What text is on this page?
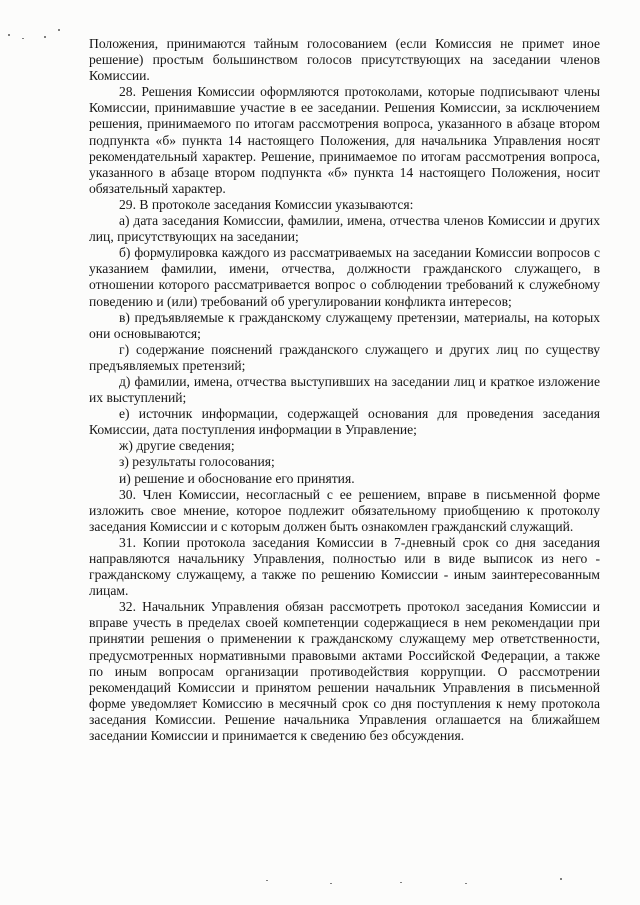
Положения, принимаются тайным голосованием (если Комиссия не примет иное решение) простым большинством голосов присутствующих на заседании членов Комиссии.

28. Решения Комиссии оформляются протоколами, которые подписывают члены Комиссии, принимавшие участие в ее заседании. Решения Комиссии, за исключением решения, принимаемого по итогам рассмотрения вопроса, указанного в абзаце втором подпункта «б» пункта 14 настоящего Положения, для начальника Управления носят рекомендательный характер. Решение, принимаемое по итогам рассмотрения вопроса, указанного в абзаце втором подпункта «б» пункта 14 настоящего Положения, носит обязательный характер.

29. В протоколе заседания Комиссии указываются:

а) дата заседания Комиссии, фамилии, имена, отчества членов Комиссии и других лиц, присутствующих на заседании;

б) формулировка каждого из рассматриваемых на заседании Комиссии вопросов с указанием фамилии, имени, отчества, должности гражданского служащего, в отношении которого рассматривается вопрос о соблюдении требований к служебному поведению и (или) требований об урегулировании конфликта интересов;

в) предъявляемые к гражданскому служащему претензии, материалы, на которых они основываются;

г) содержание пояснений гражданского служащего и других лиц по существу предъявляемых претензий;

д) фамилии, имена, отчества выступивших на заседании лиц и краткое изложение их выступлений;

е) источник информации, содержащей основания для проведения заседания Комиссии, дата поступления информации в Управление;

ж) другие сведения;

з) результаты голосования;

и) решение и обоснование его принятия.

30. Член Комиссии, несогласный с ее решением, вправе в письменной форме изложить свое мнение, которое подлежит обязательному приобщению к протоколу заседания Комиссии и с которым должен быть ознакомлен гражданский служащий.

31. Копии протокола заседания Комиссии в 7-дневный срок со дня заседания направляются начальнику Управления, полностью или в виде выписок из него - гражданскому служащему, а также по решению Комиссии - иным заинтересованным лицам.

32. Начальник Управления обязан рассмотреть протокол заседания Комиссии и вправе учесть в пределах своей компетенции содержащиеся в нем рекомендации при принятии решения о применении к гражданскому служащему мер ответственности, предусмотренных нормативными правовыми актами Российской Федерации, а также по иным вопросам организации противодействия коррупции. О рассмотрении рекомендаций Комиссии и принятом решении начальник Управления в письменной форме уведомляет Комиссию в месячный срок со дня поступления к нему протокола заседания Комиссии. Решение начальника Управления оглашается на ближайшем заседании Комиссии и принимается к сведению без обсуждения.
